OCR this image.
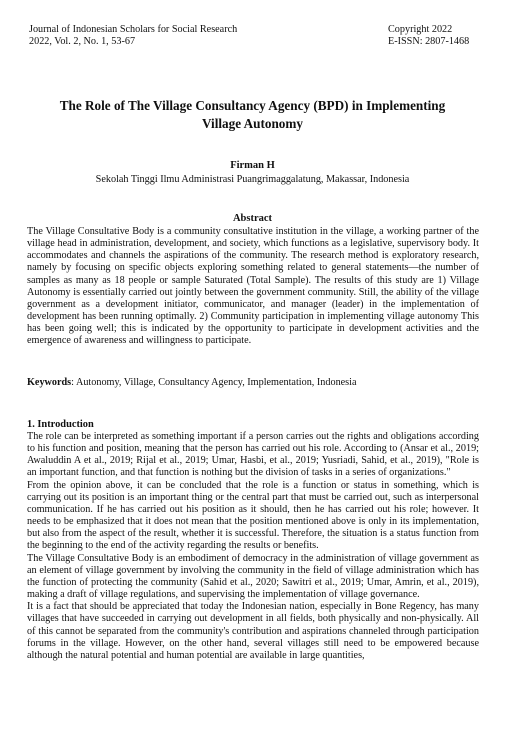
Journal of Indonesian Scholars for Social Research
2022, Vol. 2, No. 1, 53-67
Copyright 2022
E-ISSN: 2807-1468
The Role of The Village Consultancy Agency (BPD) in Implementing Village Autonomy
Firman H
Sekolah Tinggi Ilmu Administrasi Puangrimaggalatung, Makassar, Indonesia
Abstract

The Village Consultative Body is a community consultative institution in the village, a working partner of the village head in administration, development, and society, which functions as a legislative, supervisory body. It accommodates and channels the aspirations of the community. The research method is exploratory research, namely by focusing on specific objects exploring something related to general statements—the number of samples as many as 18 people or sample Saturated (Total Sample). The results of this study are 1) Village Autonomy is essentially carried out jointly between the government community. Still, the ability of the village government as a development initiator, communicator, and manager (leader) in the implementation of development has been running optimally. 2) Community participation in implementing village autonomy This has been going well; this is indicated by the opportunity to participate in development activities and the emergence of awareness and willingness to participate.

Keywords: Autonomy, Village, Consultancy Agency, Implementation, Indonesia

1. Introduction

The role can be interpreted as something important if a person carries out the rights and obligations according to his function and position, meaning that the person has carried out his role. According to (Ansar et al., 2019; Awaluddin A et al., 2019; Rijal et al., 2019; Umar, Hasbi, et al., 2019; Yusriadi, Sahid, et al., 2019), "Role is an important function, and that function is nothing but the division of tasks in a series of organizations."

From the opinion above, it can be concluded that the role is a function or status in something, which is carrying out its position is an important thing or the central part that must be carried out, such as interpersonal communication. If he has carried out his position as it should, then he has carried out his role; however. It needs to be emphasized that it does not mean that the position mentioned above is only in its implementation, but also from the aspect of the result, whether it is successful. Therefore, the situation is a status function from the beginning to the end of the activity regarding the results or benefits.

The Village Consultative Body is an embodiment of democracy in the administration of village government as an element of village government by involving the community in the field of village administration which has the function of protecting the community (Sahid et al., 2020; Sawitri et al., 2019; Umar, Amrin, et al., 2019), making a draft of village regulations, and supervising the implementation of village governance.

It is a fact that should be appreciated that today the Indonesian nation, especially in Bone Regency, has many villages that have succeeded in carrying out development in all fields, both physically and non-physically. All of this cannot be separated from the community's contribution and aspirations channeled through participation forums in the village. However, on the other hand, several villages still need to be empowered because although the natural potential and human potential are available in large quantities,
